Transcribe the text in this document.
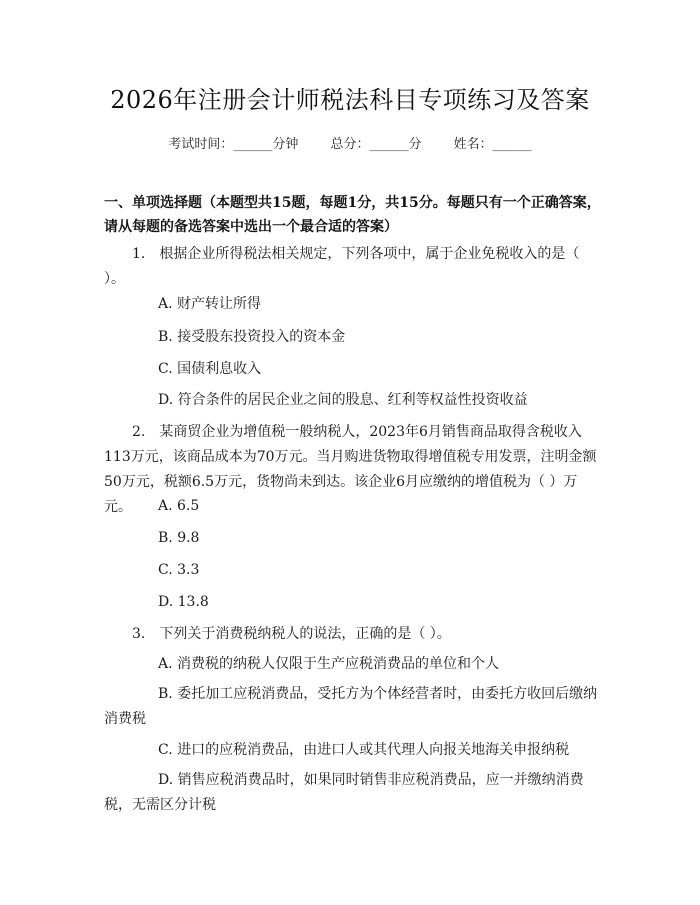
2026年注册会计师税法科目专项练习及答案
考试时间：______分钟 总分：______分 姓名：______
一、单项选择题（本题型共15题，每题1分，共15分。每题只有一个正确答案，请从每题的备选答案中选出一个最合适的答案）
1.　根据企业所得税法相关规定，下列各项中，属于企业免税收入的是（ ）。
A. 财产转让所得
B. 接受股东投资投入的资本金
C. 国债利息收入
D. 符合条件的居民企业之间的股息、红利等权益性投资收益
2.　某商贸企业为增值税一般纳税人，2023年6月销售商品取得含税收入113万元，该商品成本为70万元。当月购进货物取得增值税专用发票，注明金额50万元，税额6.5万元，货物尚未到达。该企业6月应缴纳的增值税为（ ）万元。	A. 6.5
B. 9.8
C. 3.3
D. 13.8
3.　下列关于消费税纳税人的说法，正确的是（ ）。
A. 消费税的纳税人仅限于生产应税消费品的单位和个人
B. 委托加工应税消费品，受托方为个体经营者时，由委托方收回后缴纳消费税
C. 进口的应税消费品，由进口人或其代理人向报关地海关申报纳税
D. 销售应税消费品时，如果同时销售非应税消费品，应一并缴纳消费税，无需区分计税
